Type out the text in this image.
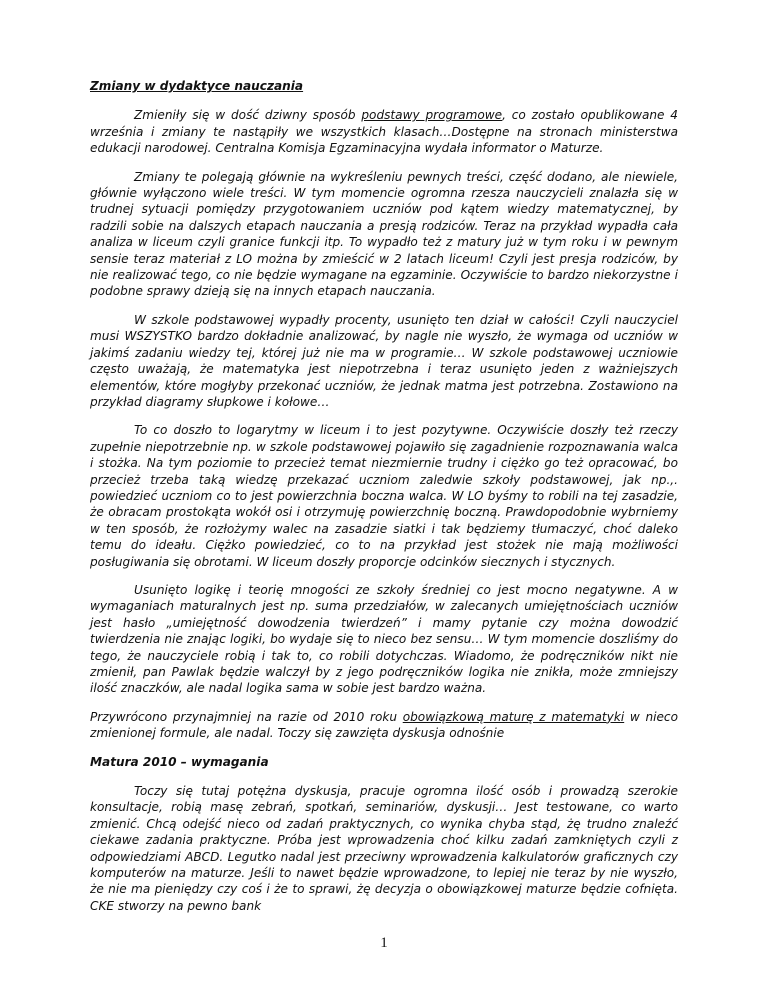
Zmiany w dydaktyce nauczania

Zmieniły się w dość dziwny sposób podstawy programowe, co zostało opublikowane 4 września i zmiany te nastąpiły we wszystkich klasach…Dostępne na stronach ministerstwa edukacji narodowej. Centralna Komisja Egzaminacyjna wydała informator o Maturze.

Zmiany te polegają głównie na wykreśleniu pewnych treści, część dodano, ale niewiele, głównie wyłączono wiele treści. W tym momencie ogromna rzesza nauczycieli znalazła się w trudnej sytuacji pomiędzy przygotowaniem uczniów pod kątem wiedzy matematycznej, by radzili sobie na dalszych etapach nauczania a presją rodziców. Teraz na przykład wypadła cała analiza w liceum czyli granice funkcji itp. To wypadło też z matury już w tym roku i w pewnym sensie teraz materiał z LO można by zmieścić w 2 latach liceum! Czyli jest presja rodziców, by nie realizować tego, co nie będzie wymagane na egzaminie. Oczywiście to bardzo niekorzystne i podobne sprawy dzieją się na innych etapach nauczania.

W szkole podstawowej wypadły procenty, usunięto ten dział w całości! Czyli nauczyciel musi WSZYSTKO bardzo dokładnie analizować, by nagle nie wyszło, że wymaga od uczniów w jakimś zadaniu wiedzy tej, której już nie ma w programie… W szkole podstawowej uczniowie często uważają, że matematyka jest niepotrzebna i teraz usunięto jeden z ważniejszych elementów, które mogłyby przekonać uczniów, że jednak matma jest potrzebna. Zostawiono na przykład diagramy słupkowe i kołowe…

To co doszło to logarytmy w liceum i to jest pozytywne. Oczywiście doszły też rzeczy zupełnie niepotrzebnie np. w szkole podstawowej pojawiło się zagadnienie rozpoznawania walca i stożka. Na tym poziomie to przecież temat niezmiernie trudny i ciężko go też opracować, bo przecież trzeba taką wiedzę przekazać uczniom zaledwie szkoły podstawowej, jak np.,. powiedzieć uczniom co to jest powierzchnia boczna walca. W LO byśmy to robili na tej zasadzie, że obracam prostokąta wokół osi i otrzymuję powierzchnię boczną. Prawdopodobnie wybrniemy w ten sposób, że rozłożymy walec na zasadzie siatki i tak będziemy tłumaczyć, choć daleko temu do ideału. Ciężko powiedzieć, co to na przykład jest stożek nie mają możliwości posługiwania się obrotami. W liceum doszły proporcje odcinków siecznych i stycznych.

Usunięto logikę i teorię mnogości ze szkoły średniej co jest mocno negatywne. A w wymaganiach maturalnych jest np. suma przedziałów, w zalecanych umiejętnościach uczniów jest hasło „umiejętność dowodzenia twierdzeń” i mamy pytanie czy można dowodzić twierdzenia nie znając logiki, bo wydaje się to nieco bez sensu… W tym momencie doszliśmy do tego, że nauczyciele robią i tak to, co robili dotychczas. Wiadomo, że podręczników nikt nie zmienił, pan Pawlak będzie walczył by z jego podręczników logika nie znikła, może zmniejszy ilość znaczków, ale nadal logika sama w sobie jest bardzo ważna.

Przywrócono przynajmniej na razie od 2010 roku obowiązkową maturę z matematyki w nieco zmienionej formule, ale nadal. Toczy się zawzięta dyskusja odnośnie

Matura 2010 – wymagania

Toczy się tutaj potężna dyskusja, pracuje ogromna ilość osób i prowadzą szerokie konsultacje, robią masę zebrań, spotkań, seminariów, dyskusji… Jest testowane, co warto zmienić. Chcą odejść nieco od zadań praktycznych, co wynika chyba stąd, żę trudno znaleźć ciekawe zadania praktyczne. Próba jest wprowadzenia choć kilku zadań zamkniętych czyli z odpowiedziami ABCD. Legutko nadal jest przeciwny wprowadzenia kalkulatorów graficznych czy komputerów na maturze. Jeśli to nawet będzie wprowadzone, to lepiej nie teraz by nie wyszło, że nie ma pieniędzy czy coś i że to sprawi, żę decyzja o obowiązkowej maturze będzie cofnięta. CKE stworzy na pewno bank

1
